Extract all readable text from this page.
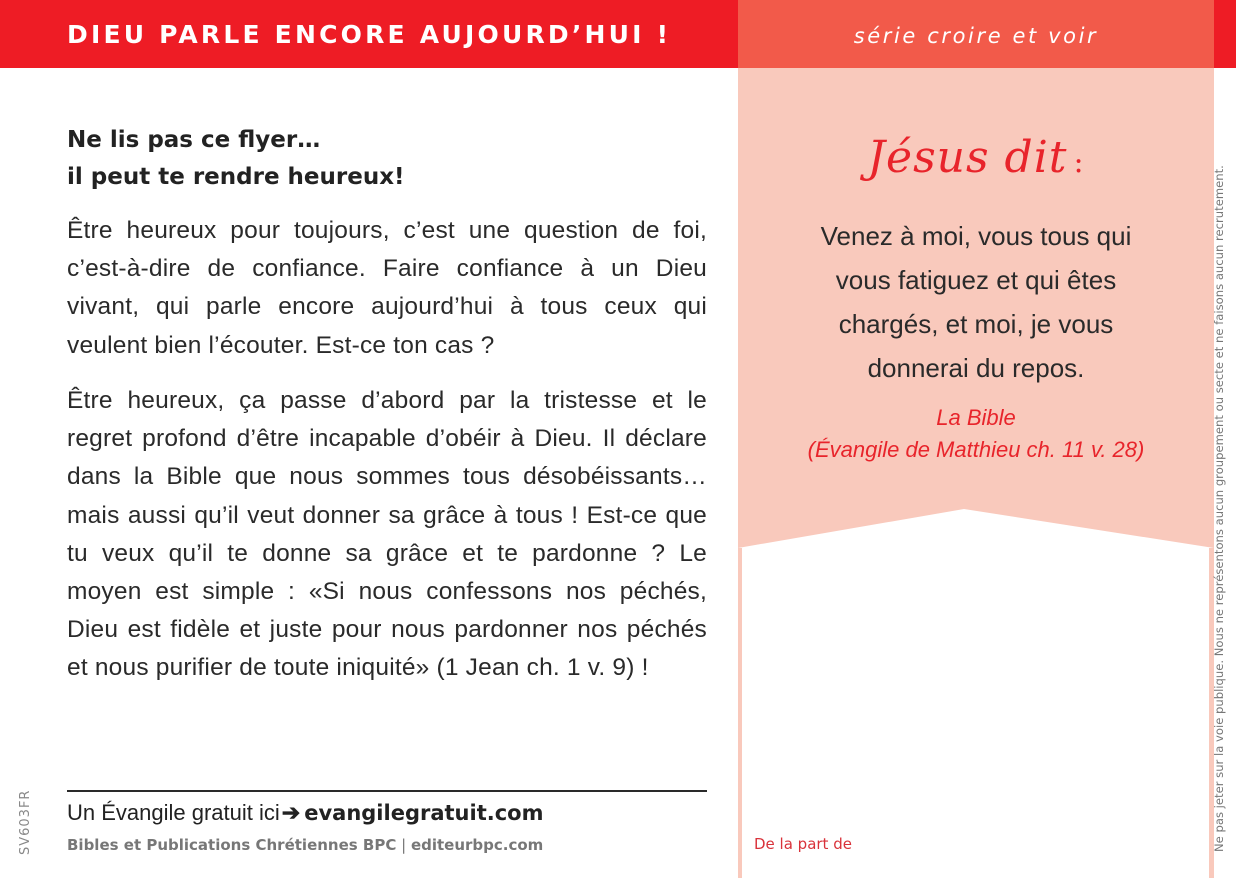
DIEU PARLE ENCORE AUJOURD’HUI !	série croire et voir
Ne lis pas ce flyer…
il peut te rendre heureux!

Être heureux pour toujours, c’est une question de foi, c’est-à-dire de confiance. Faire confiance à un Dieu vivant, qui parle encore aujourd’hui à tous ceux qui veulent bien l’écouter. Est-ce ton cas ?

Être heureux, ça passe d’abord par la tristesse et le regret profond d’être incapable d’obéir à Dieu. Il déclare dans la Bible que nous sommes tous désobéissants… mais aussi qu’il veut donner sa grâce à tous ! Est-ce que tu veux qu’il te donne sa grâce et te pardonne ? Le moyen est simple : «Si nous confessons nos péchés, Dieu est fidèle et juste pour nous pardonner nos péchés et nous purifier de toute iniquité» (1 Jean ch. 1 v. 9) !

Un Évangile gratuit ici➔ evangilegratuit.com
Bibles et Publications Chrétiennes BPC | editeurbpc.com
SV603FR
Jésus dit :
Venez à moi, vous tous qui
vous fatiguez et qui êtes
chargés, et moi, je vous
donnerai du repos.
La Bible
(Évangile de Matthieu ch. 11 v. 28)
De la part de	Ne pas jeter sur la voie publique. Nous ne représentons aucun groupement ou secte et ne faisons aucun recrutement.
